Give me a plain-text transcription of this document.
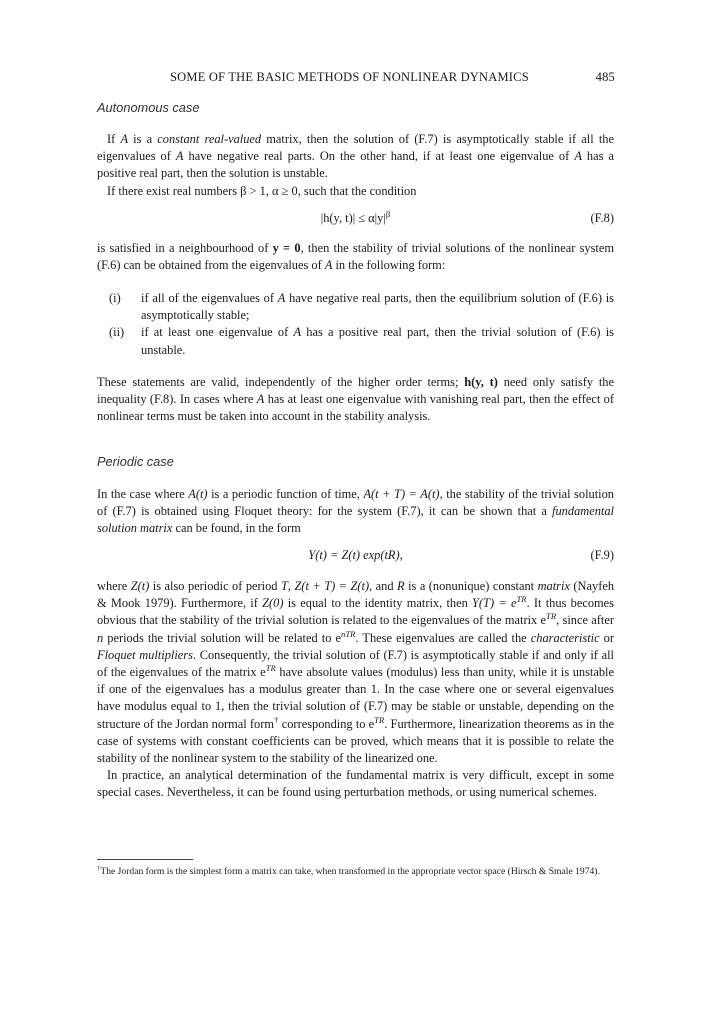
SOME OF THE BASIC METHODS OF NONLINEAR DYNAMICS	485
Autonomous case

If A is a constant real-valued matrix, then the solution of (F.7) is asymptotically stable if all the eigenvalues of A have negative real parts. On the other hand, if at least one eigenvalue of A has a positive real part, then the solution is unstable.

If there exist real numbers β > 1, α ≥ 0, such that the condition

|h(y, $t)| \le \alpha|y|^\beta$	(F.8)

is satisfied in a neighbourhood of y = 0, then the stability of trivial solutions of the nonlinear system (F.6) can be obtained from the eigenvalues of A in the following form:

(i) if all of the eigenvalues of A have negative real parts, then the equilibrium solution of (F.6) is asymptotically stable;

(ii) if at least one eigenvalue of A has a positive real part, then the trivial solution of (F.6) is unstable.

These statements are valid, independently of the higher order terms; h(y, t) need only satisfy the inequality (F.8). In cases where A has at least one eigenvalue with vanishing real part, then the effect of nonlinear terms must be taken into account in the stability analysis.

Periodic case

In the case where A(t) is a periodic function of time, A(t + T) = A(t), the stability of the trivial solution of (F.7) is obtained using Floquet theory: for the system (F.7), it can be shown that a fundamental solution matrix can be found, in the form

Y(t) = Z(t) exp(tR),	(F.9)

where Z(t) is also periodic of period T, Z(t + T) = Z(t), and R is a (nonunique) constant matrix (Nayfeh & Mook 1979). Furthermore, if Z(0) is equal to the identity matrix, then $Y(T) = e^{TR}$. It thus becomes obvious that the stability of the trivial solution is related to the eigenvalues of the matrix $e^{TR}$, since after n periods the trivial solution will be related to $e^{nTR}$. These eigenvalues are called the characteristic or Floquet multipliers. Consequently, the trivial solution of (F.7) is asymptotically stable if and only if all of the eigenvalues of the matrix $e^{TR}$ have absolute values (modulus) less than unity, while it is unstable if one of the eigenvalues has a modulus greater than 1. In the case where one or several eigenvalues have modulus equal to 1, then the trivial solution of (F.7) may be stable or unstable, depending on the structure of the Jordan normal form† corresponding to $e^{TR}$. Furthermore, linearization theorems as in the case of systems with constant coefficients can be proved, which means that it is possible to relate the stability of the nonlinear system to the stability of the linearized one.

In practice, an analytical determination of the fundamental matrix is very difficult, except in some special cases. Nevertheless, it can be found using perturbation methods, or using numerical schemes.

†The Jordan form is the simplest form a matrix can take, when transformed in the appropriate vector space (Hirsch & Smale 1974).
